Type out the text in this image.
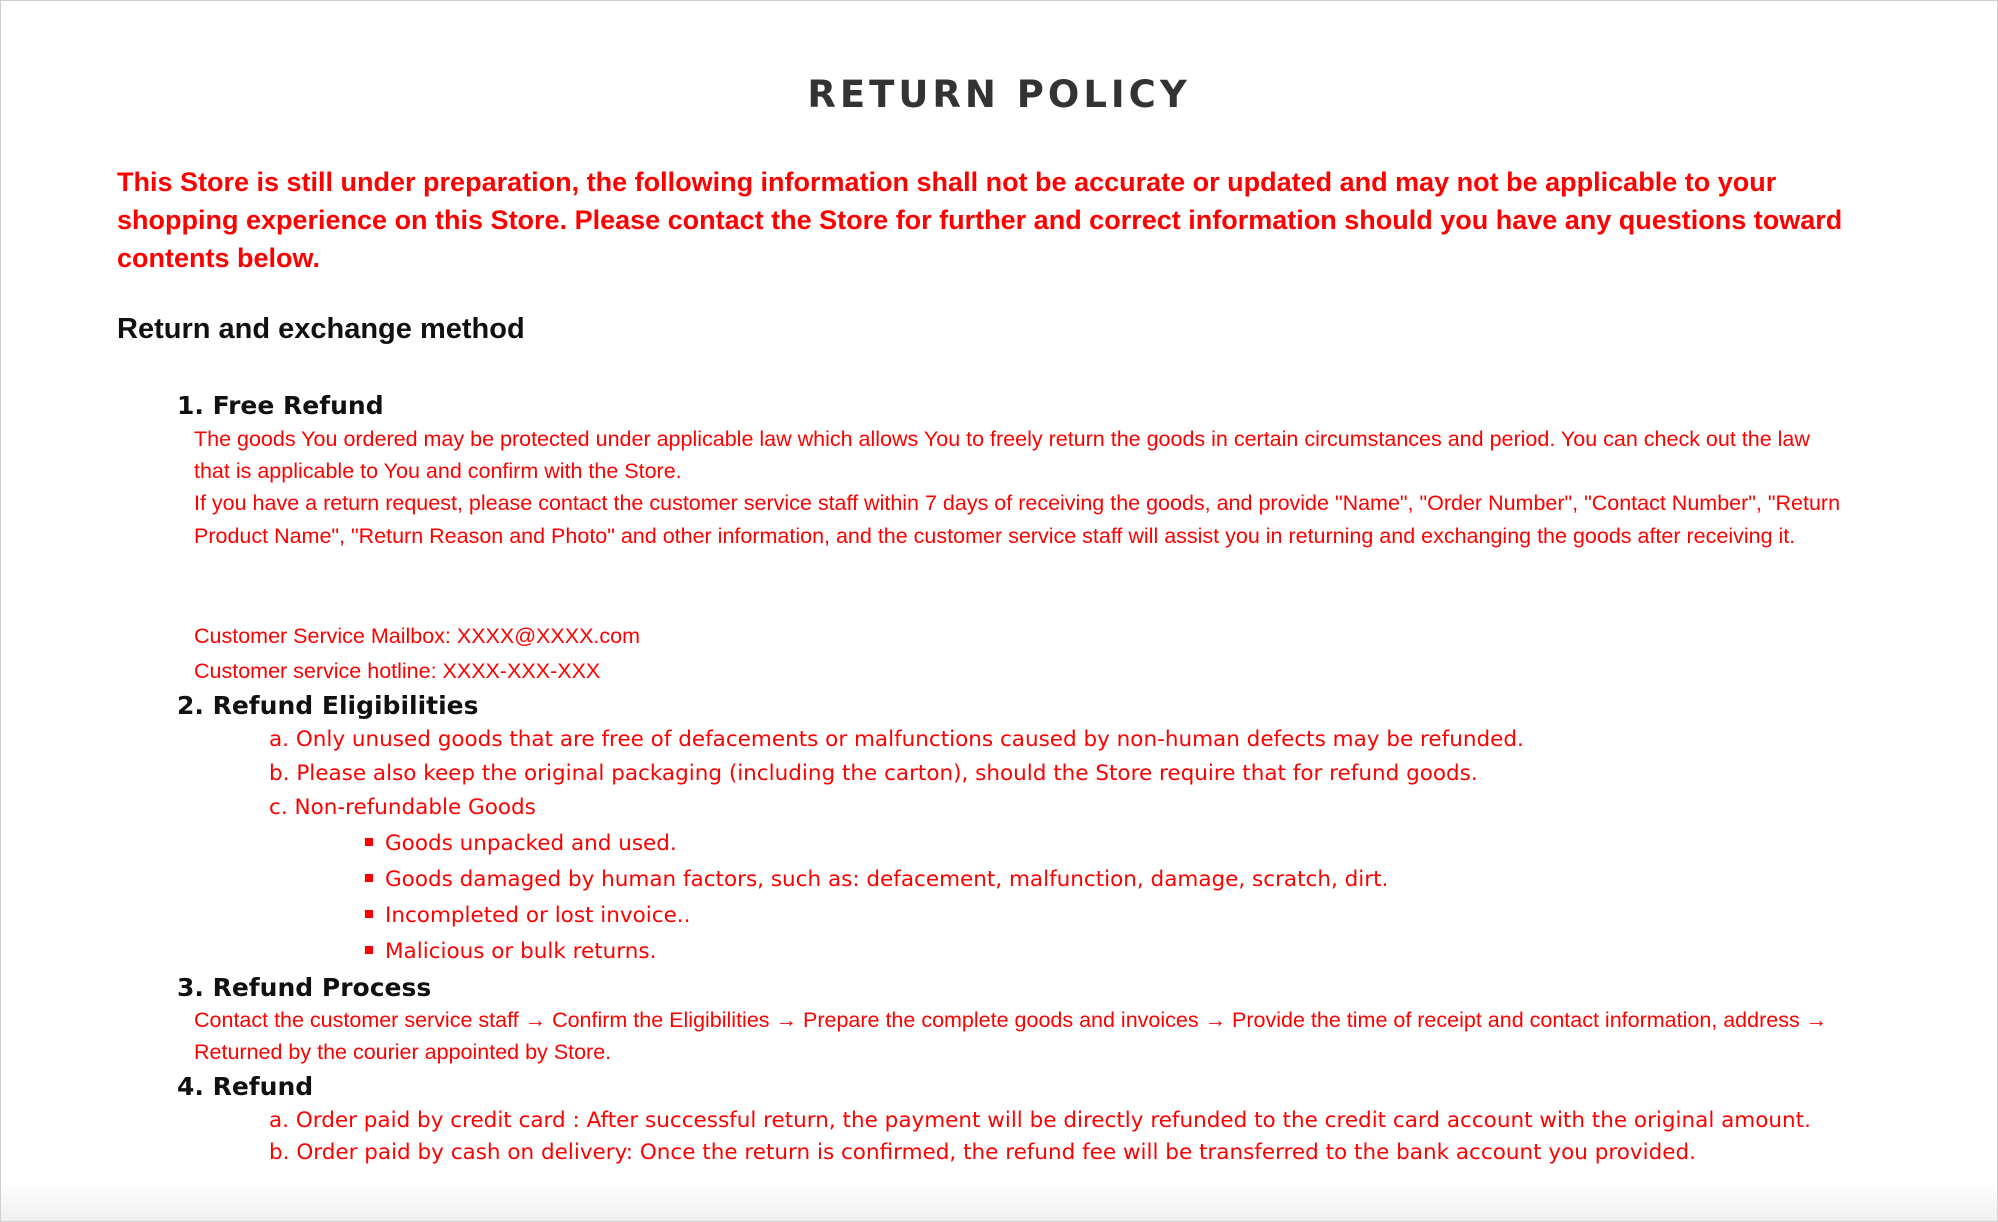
RETURN POLICY
This Store is still under preparation, the following information shall not be accurate or updated and may not be applicable to your shopping experience on this Store. Please contact the Store for further and correct information should you have any questions toward contents below.
Return and exchange method
1. Free Refund

The goods You ordered may be protected under applicable law which allows You to freely return the goods in certain circumstances and period. You can check out the law that is applicable to You and confirm with the Store.

If you have a return request, please contact the customer service staff within 7 days of receiving the goods, and provide "Name", "Order Number", "Contact Number", "Return Product Name", "Return Reason and Photo" and other information, and the customer service staff will assist you in returning and exchanging the goods after receiving it.

Customer Service Mailbox: XXXX@XXXX.com

Customer service hotline: XXXX-XXX-XXX

2. Refund Eligibilities
a. Only unused goods that are free of defacements or malfunctions caused by non-human defects may be refunded.
b. Please also keep the original packaging (including the carton), should the Store require that for refund goods.
c. Non-refundable Goods
Goods unpacked and used.
Goods damaged by human factors, such as: defacement, malfunction, damage, scratch, dirt.
Incompleted or lost invoice..
Malicious or bulk returns.
3. Refund Process
Contact the customer service staff → Confirm the Eligibilities → Prepare the complete goods and invoices → Provide the time of receipt and contact information, address → Returned by the courier appointed by Store.
4. Refund
a. Order paid by credit card : After successful return, the payment will be directly refunded to the credit card account with the original amount.
b. Order paid by cash on delivery: Once the return is confirmed, the refund fee will be transferred to the bank account you provided.
